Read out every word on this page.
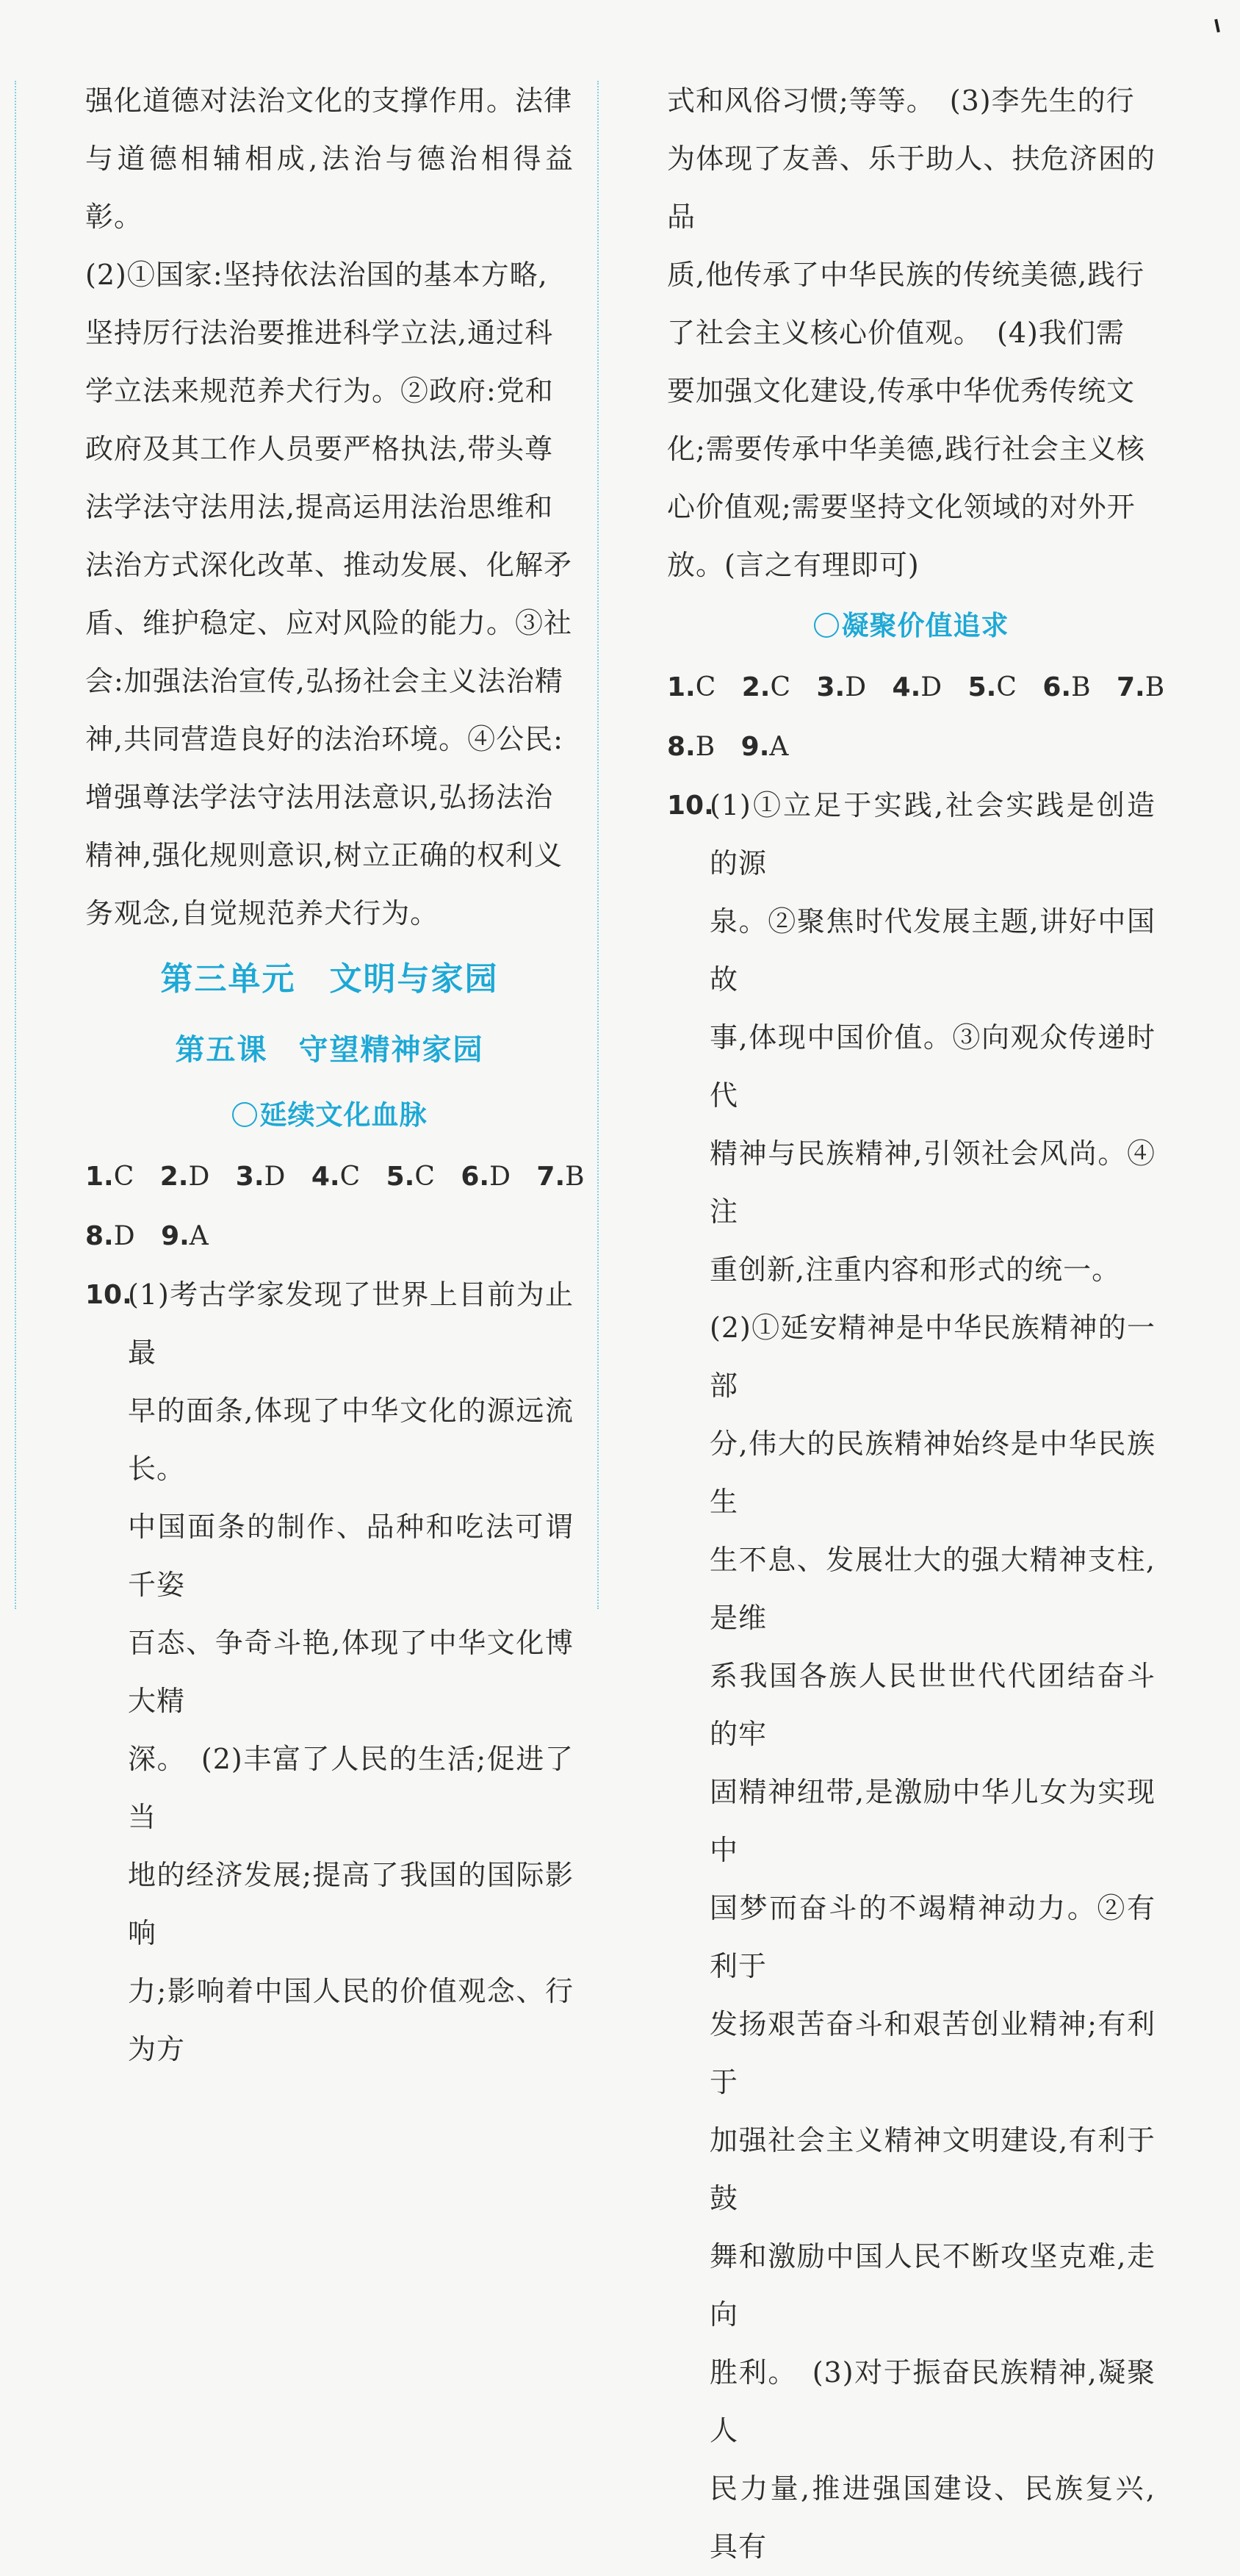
强化道德对法治文化的支撑作用。法律

与道德相辅相成,法治与德治相得益彰。

(2)①国家:坚持依法治国的基本方略,

坚持厉行法治要推进科学立法,通过科

学立法来规范养犬行为。②政府:党和

政府及其工作人员要严格执法,带头尊

法学法守法用法,提高运用法治思维和

法治方式深化改革、推动发展、化解矛

盾、维护稳定、应对风险的能力。③社

会:加强法治宣传,弘扬社会主义法治精

神,共同营造良好的法治环境。④公民:

增强尊法学法守法用法意识,弘扬法治

精神,强化规则意识,树立正确的权利义

务观念,自觉规范养犬行为。

第三单元　文明与家园
第五课　守望精神家园
延续文化血脉

1.C 2.D 3.D 4.C 5.C 6.D 7.B

8.D 9.A

10.

(1)考古学家发现了世界上目前为止最

早的面条,体现了中华文化的源远流长。

中国面条的制作、品种和吃法可谓千姿

百态、争奇斗艳,体现了中华文化博大精

深。　(2)丰富了人民的生活;促进了当

地的经济发展;提高了我国的国际影响

力;影响着中国人民的价值观念、行为方

式和风俗习惯;等等。　(3)李先生的行

为体现了友善、乐于助人、扶危济困的品

质,他传承了中华民族的传统美德,践行

了社会主义核心价值观。　(4)我们需

要加强文化建设,传承中华优秀传统文

化;需要传承中华美德,践行社会主义核

心价值观;需要坚持文化领域的对外开

放。(言之有理即可)

凝聚价值追求

1.C 2.C 3.D 4.D 5.C 6.B 7.B

8.B 9.A

10.

(1)①立足于实践,社会实践是创造的源

泉。②聚焦时代发展主题,讲好中国故

事,体现中国价值。③向观众传递时代

精神与民族精神,引领社会风尚。④注

重创新,注重内容和形式的统一。

(2)①延安精神是中华民族精神的一部

分,伟大的民族精神始终是中华民族生

生不息、发展壮大的强大精神支柱,是维

系我国各族人民世世代代团结奋斗的牢

固精神纽带,是激励中华儿女为实现中

国梦而奋斗的不竭精神动力。②有利于

发扬艰苦奋斗和艰苦创业精神;有利于

加强社会主义精神文明建设,有利于鼓

舞和激励中国人民不断攻坚克难,走向

胜利。　(3)对于振奋民族精神,凝聚人

民力量,推进强国建设、民族复兴,具有
